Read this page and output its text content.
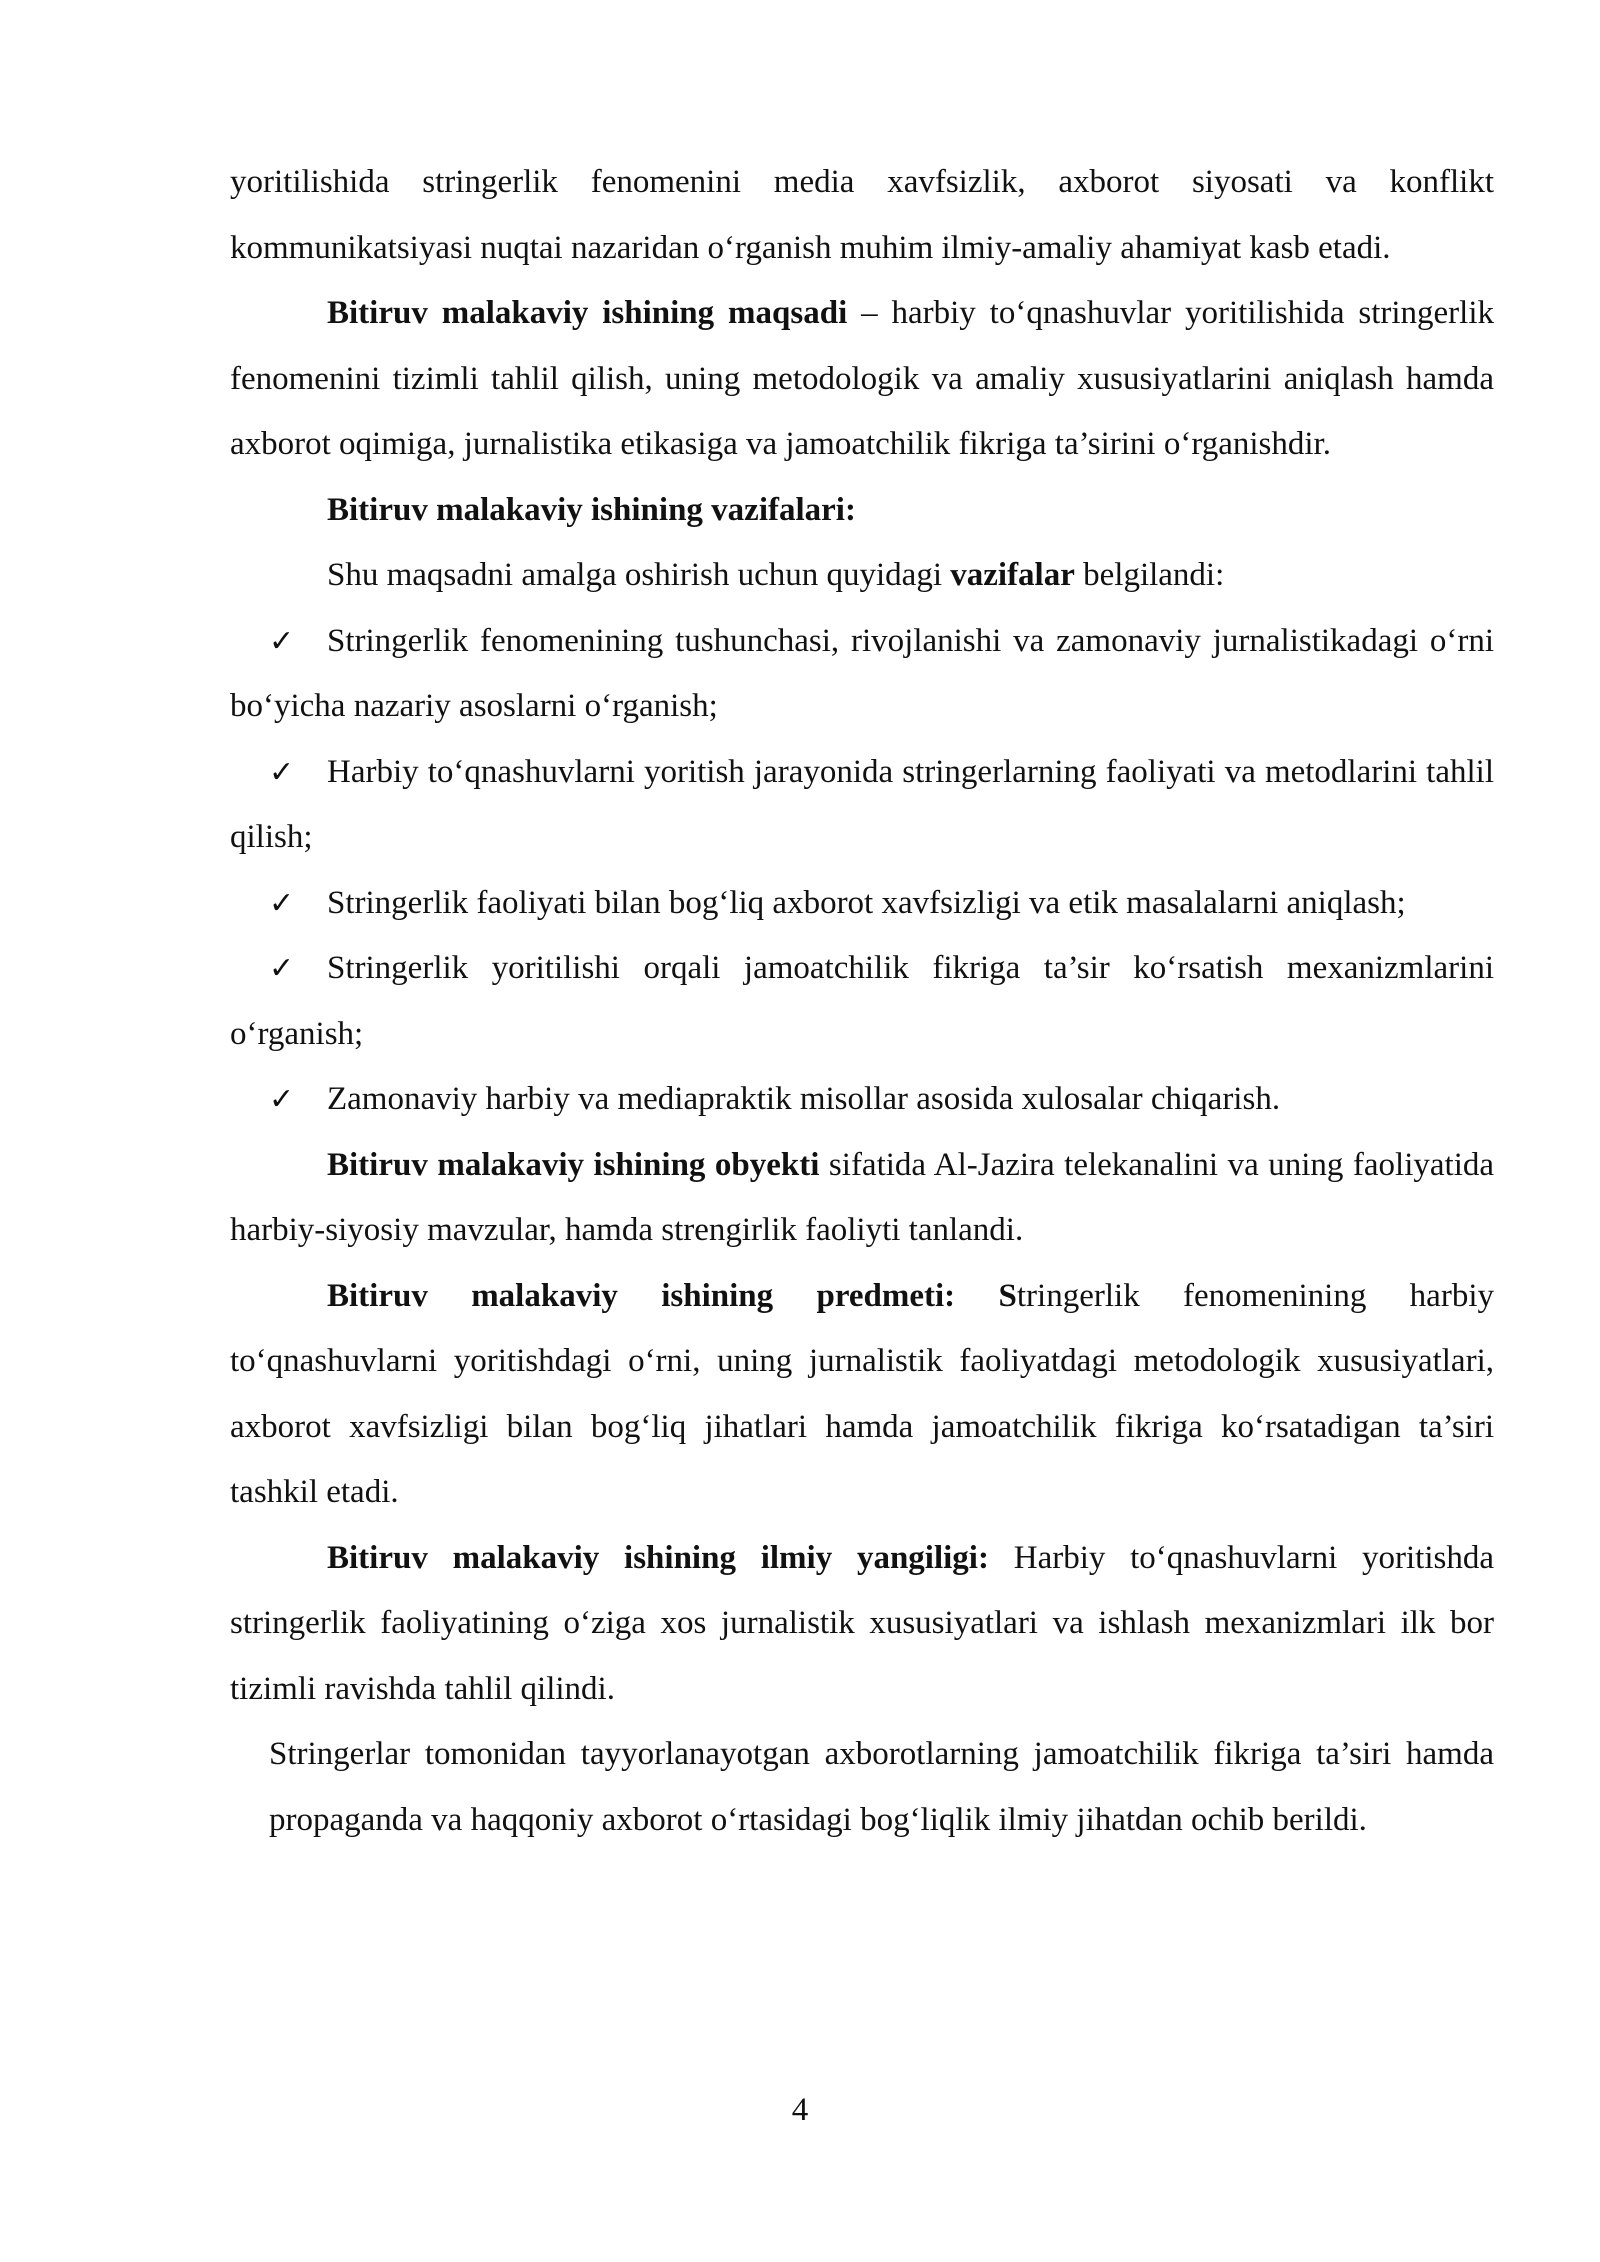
yoritilishida stringerlik fenomenini media xavfsizlik, axborot siyosati va konflikt kommunikatsiyasi nuqtai nazaridan o‘rganish muhim ilmiy-amaliy ahamiyat kasb etadi.

Bitiruv malakaviy ishining maqsadi – harbiy to‘qnashuvlar yoritilishida stringerlik fenomenini tizimli tahlil qilish, uning metodologik va amaliy xususiyatlarini aniqlash hamda axborot oqimiga, jurnalistika etikasiga va jamoatchilik fikriga ta’sirini o‘rganishdir.

Bitiruv malakaviy ishining vazifalari:

Shu maqsadni amalga oshirish uchun quyidagi vazifalar belgilandi:

✓ Stringerlik fenomenining tushunchasi, rivojlanishi va zamonaviy jurnalistikadagi o‘rni bo‘yicha nazariy asoslarni o‘rganish;

✓ Harbiy to‘qnashuvlarni yoritish jarayonida stringerlarning faoliyati va metodlarini tahlil qilish;

✓ Stringerlik faoliyati bilan bog‘liq axborot xavfsizligi va etik masalalarni aniqlash;

✓ Stringerlik yoritilishi orqali jamoatchilik fikriga ta’sir ko‘rsatish mexanizmlarini o‘rganish;

✓ Zamonaviy harbiy va mediapraktik misollar asosida xulosalar chiqarish.

Bitiruv malakaviy ishining obyekti sifatida Al-Jazira telekanalini va uning faoliyatida harbiy-siyosiy mavzular, hamda strengirlik faoliyti tanlandi.

Bitiruv malakaviy ishining predmeti: Stringerlik fenomenining harbiy to‘qnashuvlarni yoritishdagi o‘rni, uning jurnalistik faoliyatdagi metodologik xususiyatlari, axborot xavfsizligi bilan bog‘liq jihatlari hamda jamoatchilik fikriga ko‘rsatadigan ta’siri tashkil etadi.

Bitiruv malakaviy ishining ilmiy yangiligi: Harbiy to‘qnashuvlarni yoritishda stringerlik faoliyatining o‘ziga xos jurnalistik xususiyatlari va ishlash mexanizmlari ilk bor tizimli ravishda tahlil qilindi.

Stringerlar tomonidan tayyorlanayotgan axborotlarning jamoatchilik fikriga ta’siri hamda propaganda va haqqoniy axborot o‘rtasidagi bog‘liqlik ilmiy jihatdan ochib berildi.

4
